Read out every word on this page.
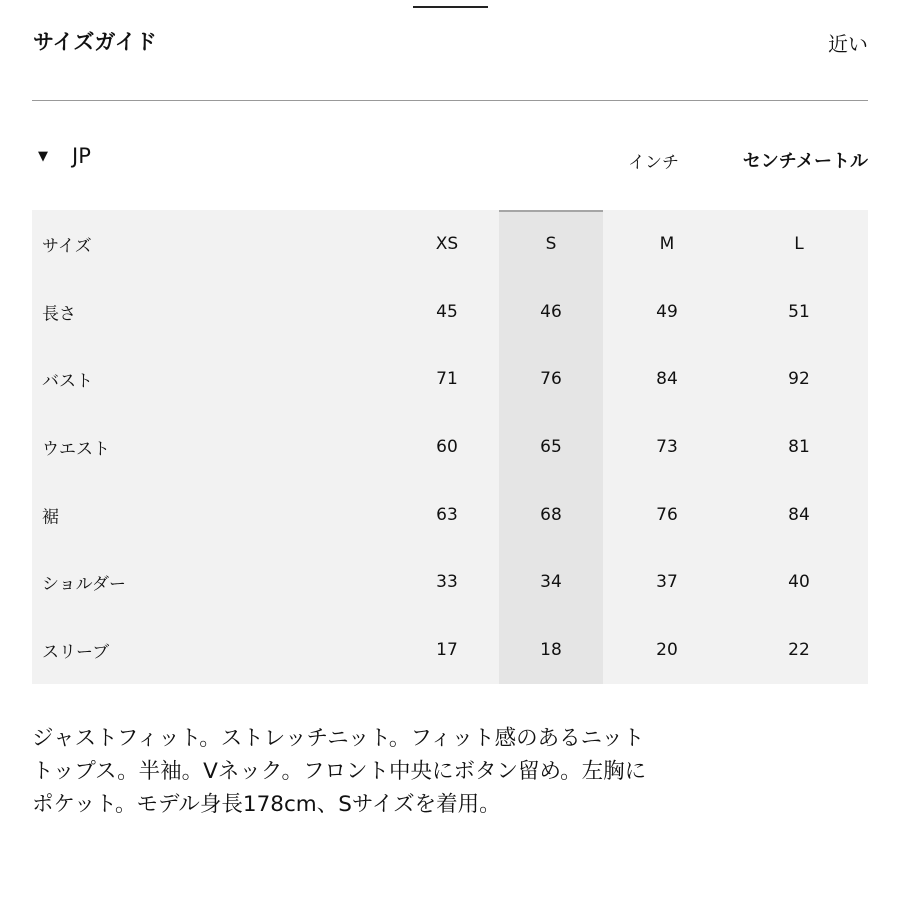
サイズガイド	近い
▼ JP	インチ	センチメートル
サイズ	XS	S	M	L
長さ	45	46	49	51
バスト	71	76	84	92
ウエスト	60	65	73	81
裾	63	68	76	84
ショルダー	33	34	37	40
スリーブ	17	18	20	22
ジャストフィット。ストレッチニット。フィット感のあるニット
トップス。半袖。Vネック。フロント中央にボタン留め。左胸に
ポケット。モデル身長178cm、Sサイズを着用。
